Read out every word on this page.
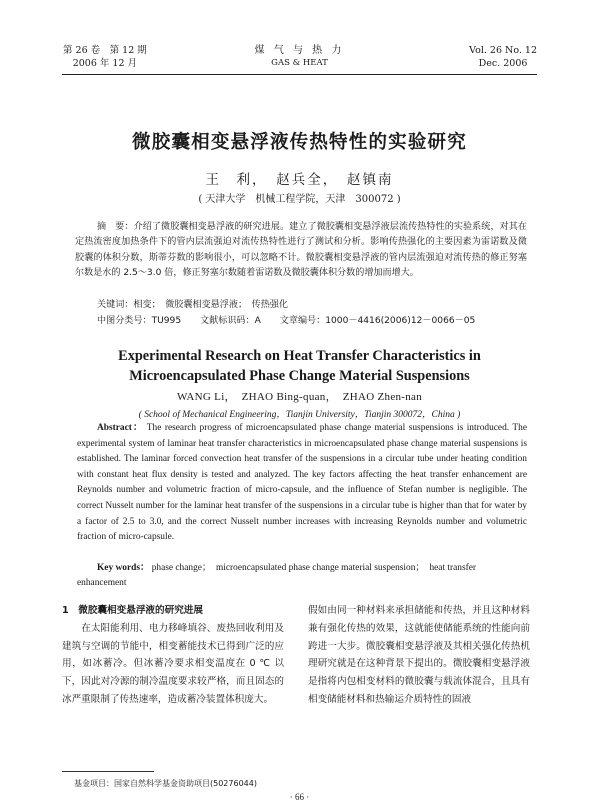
第 26 卷　第 12 期
2006 年 12 月
煤 气 与 热 力
GAS & HEAT
Vol. 26 No. 12
Dec. 2006
微胶囊相变悬浮液传热特性的实验研究
王　利，　赵兵全，　赵镇南
( 天津大学　机械工程学院，天津　300072 )
摘　要：介绍了微胶囊相变悬浮液的研究进展。建立了微胶囊相变悬浮液层流传热特性的实验系统，对其在定热流密度加热条件下的管内层流强迫对流传热特性进行了测试和分析。影响传热强化的主要因素为雷诺数及微胶囊的体积分数，斯蒂芬数的影响很小，可以忽略不计。微胶囊相变悬浮液的管内层流强迫对流传热的修正努塞尔数是水的 2.5～3.0 倍，修正努塞尔数随着雷诺数及微胶囊体积分数的增加而增大。
关键词：相变；　微胶囊相变悬浮液；　传热强化
中图分类号：TU995 文献标识码：A 文章编号：1000－4416(2006)12－0066－05
Experimental Research on Heat Transfer Characteristics in
Microencapsulated Phase Change Material Suspensions
WANG Li，　ZHAO Bing-quan，　ZHAO Zhen-nan
( School of Mechanical Engineering，Tianjin University，Tianjin 300072，China )
Abstract： The research progress of microencapsulated phase change material suspensions is introduced. The experimental system of laminar heat transfer characteristics in microencapsulated phase change material suspensions is established. The laminar forced convection heat transfer of the suspensions in a circular tube under heating condition with constant heat flux density is tested and analyzed. The key factors affecting the heat transfer enhancement are Reynolds number and volumetric fraction of micro-capsule, and the influence of Stefan number is negligible. The correct Nusselt number for the laminar heat transfer of the suspensions in a circular tube is higher than that for water by a factor of 2.5 to 3.0, and the correct Nusselt number increases with increasing Reynolds number and volumetric fraction of micro-capsule.
Key words： phase change；　microencapsulated phase change material suspension；　heat transfer enhancement
1　微胶囊相变悬浮液的研究进展

在太阳能利用、电力移峰填谷、废热回收利用及建筑与空调的节能中，相变蓄能技术已得到广泛的应用，如冰蓄冷。但冰蓄冷要求相变温度在 0 ℃ 以下，因此对冷源的制冷温度要求较严格，而且固态的冰严重限制了传热速率，造成蓄冷装置体积庞大。

假如由同一种材料来承担储能和传热，并且这种材料兼有强化传热的效果，这就能使储能系统的性能向前跨进一大步。微胶囊相变悬浮液及其相关强化传热机理研究就是在这种背景下提出的。微胶囊相变悬浮液是指将内包相变材料的微胶囊与载流体混合，且具有相变储能材料和热输运介质特性的固液
基金项目：国家自然科学基金资助项目(50276044)
· 66 ·
